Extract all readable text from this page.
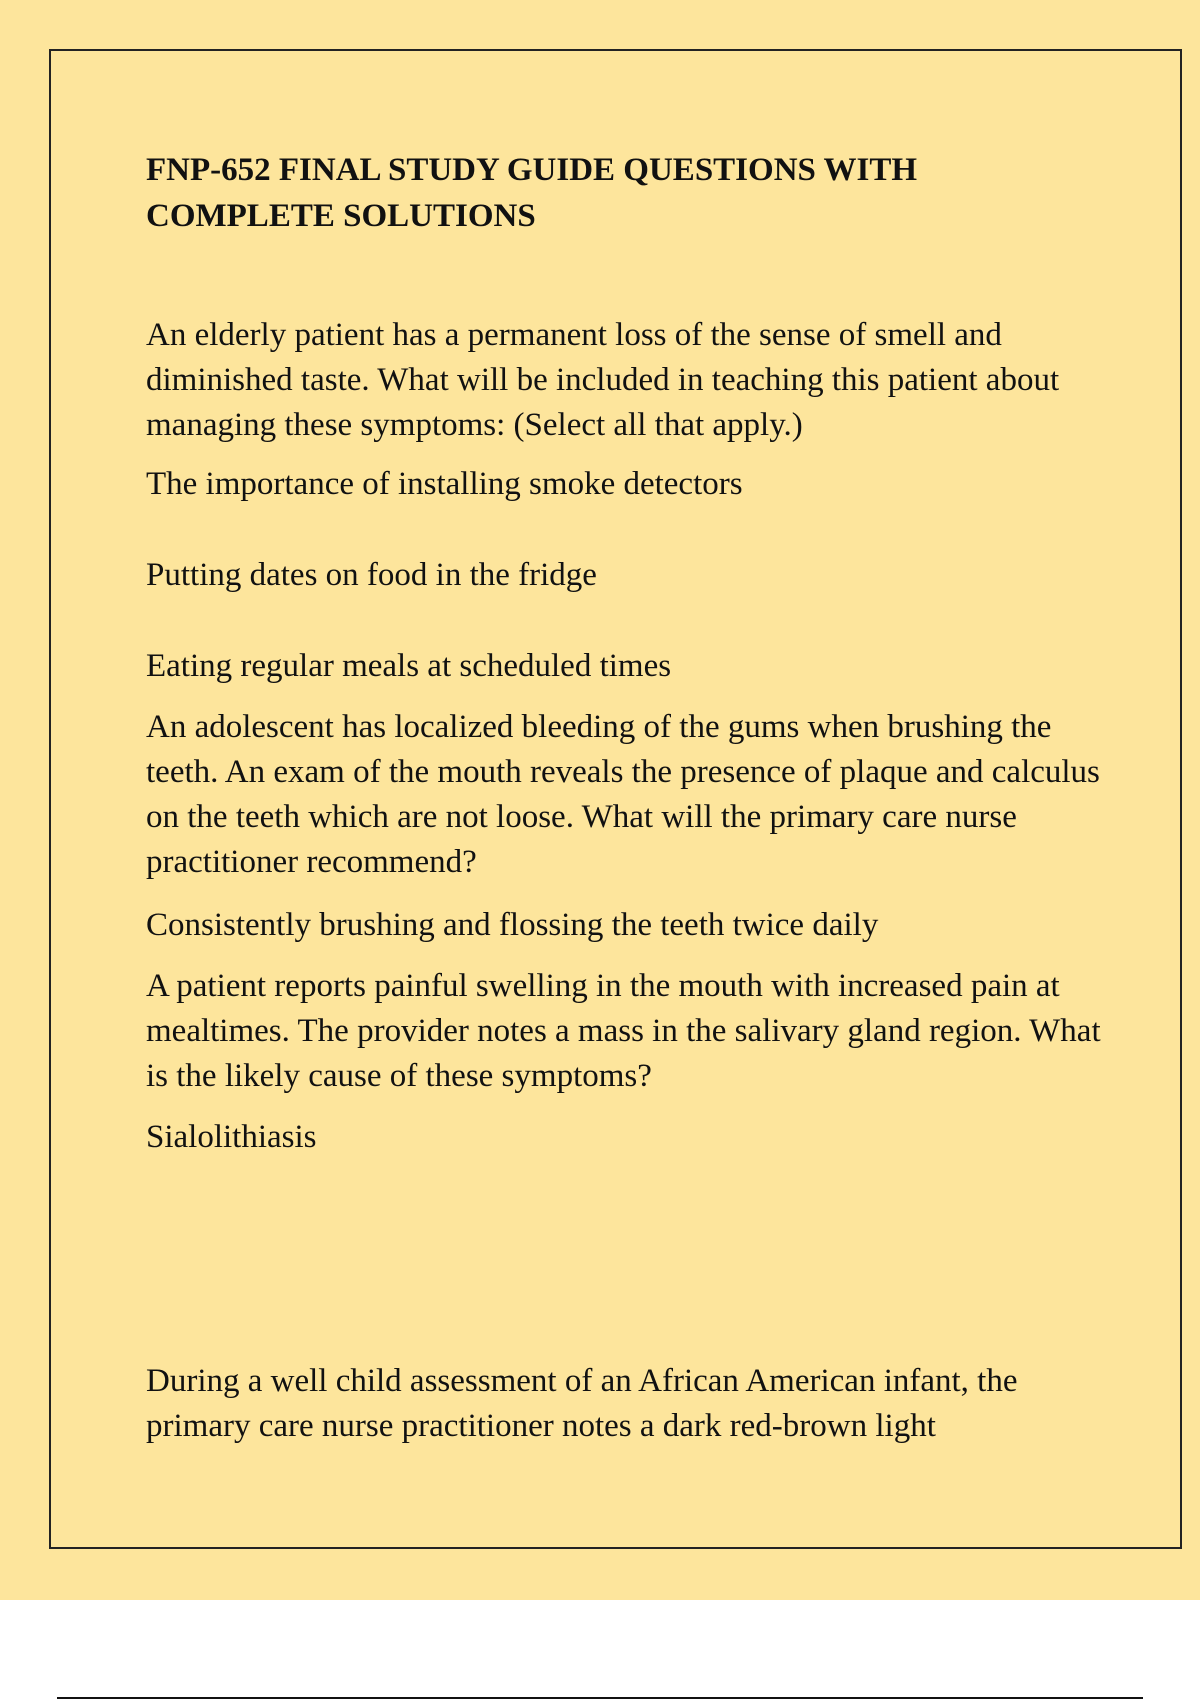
FNP-652 FINAL STUDY GUIDE QUESTIONS WITH COMPLETE SOLUTIONS

An elderly patient has a permanent loss of the sense of smell and diminished taste. What will be included in teaching this patient about managing these symptoms: (Select all that apply.)

The importance of installing smoke detectors

Putting dates on food in the fridge

Eating regular meals at scheduled times

An adolescent has localized bleeding of the gums when brushing the teeth. An exam of the mouth reveals the presence of plaque and calculus on the teeth which are not loose. What will the primary care nurse practitioner recommend?

Consistently brushing and flossing the teeth twice daily

A patient reports painful swelling in the mouth with increased pain at mealtimes. The provider notes a mass in the salivary gland region. What is the likely cause of these symptoms?

Sialolithiasis

During a well child assessment of an African American infant, the primary care nurse practitioner notes a dark red-brown light
